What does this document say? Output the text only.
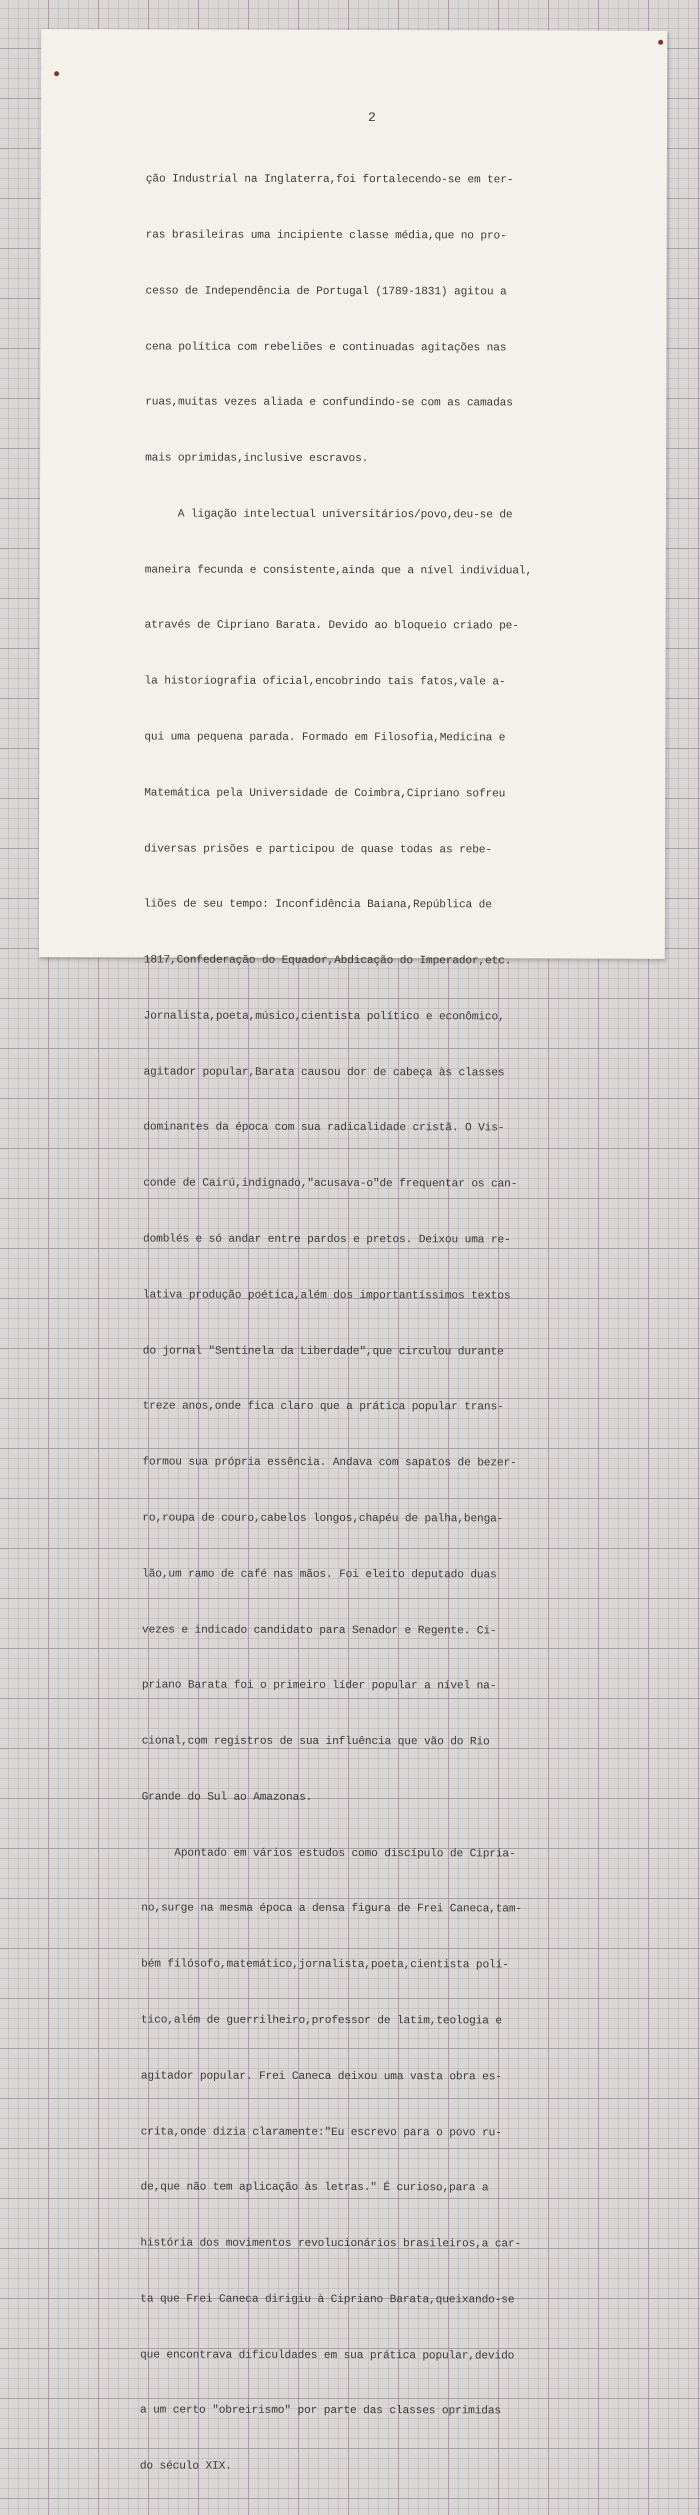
2

ção Industrial na Inglaterra,foi fortalecendo-se em ter-

ras brasileiras uma incipiente classe média,que no pro-

cesso de Independência de Portugal (1789-1831) agitou a

cena política com rebeliões e continuadas agitações nas

ruas,muitas vezes aliada e confundindo-se com as camadas

mais oprimidas,inclusive escravos.

A ligação intelectual universitários/povo,deu-se de

maneira fecunda e consistente,ainda que a nível individual,

através de Cipriano Barata. Devido ao bloqueio criado pe-

la historiografia oficial,encobrindo tais fatos,vale a-

qui uma pequena parada. Formado em Filosofia,Medicina e

Matemática pela Universidade de Coimbra,Cipriano sofreu

diversas prisões e participou de quase todas as rebe-

liões de seu tempo: Inconfidência Baiana,República de

1817,Confederação do Equador,Abdicação do Imperador,etc.

Jornalista,poeta,músico,cientista político e econômico,

agitador popular,Barata causou dor de cabeça às classes

dominantes da época com sua radicalidade cristã. O Vis-

conde de Cairú,indignado,"acusava-o"de frequentar os can-

domblés e só andar entre pardos e pretos. Deixou uma re-

lativa produção poética,além dos importantíssimos textos

do jornal "Sentinela da Liberdade",que circulou durante

treze anos,onde fica claro que a prática popular trans-

formou sua própria essência. Andava com sapatos de bezer-

ro,roupa de couro,cabelos longos,chapéu de palha,benga-

lão,um ramo de café nas mãos. Foi eleito deputado duas

vezes e indicado candidato para Senador e Regente. Ci-

priano Barata foi o primeiro líder popular a nível na-

cional,com registros de sua influência que vão do Rio

Grande do Sul ao Amazonas.

Apontado em vários estudos como discípulo de Cipria-

no,surge na mesma época a densa figura de Frei Caneca,tam-

bém filósofo,matemático,jornalista,poeta,cientista polí-

tico,além de guerrilheiro,professor de latim,teologia e

agitador popular. Frei Caneca deixou uma vasta obra es-

crita,onde dizia claramente:"Eu escrevo para o povo ru-

de,que não tem aplicação às letras." É curioso,para a

história dos movimentos revolucionários brasileiros,a car-

ta que Frei Caneca dirigiu à Cipriano Barata,queixando-se

que encontrava dificuldades em sua prática popular,devido

a um certo "obreirismo" por parte das classes oprimidas

do século XIX.
